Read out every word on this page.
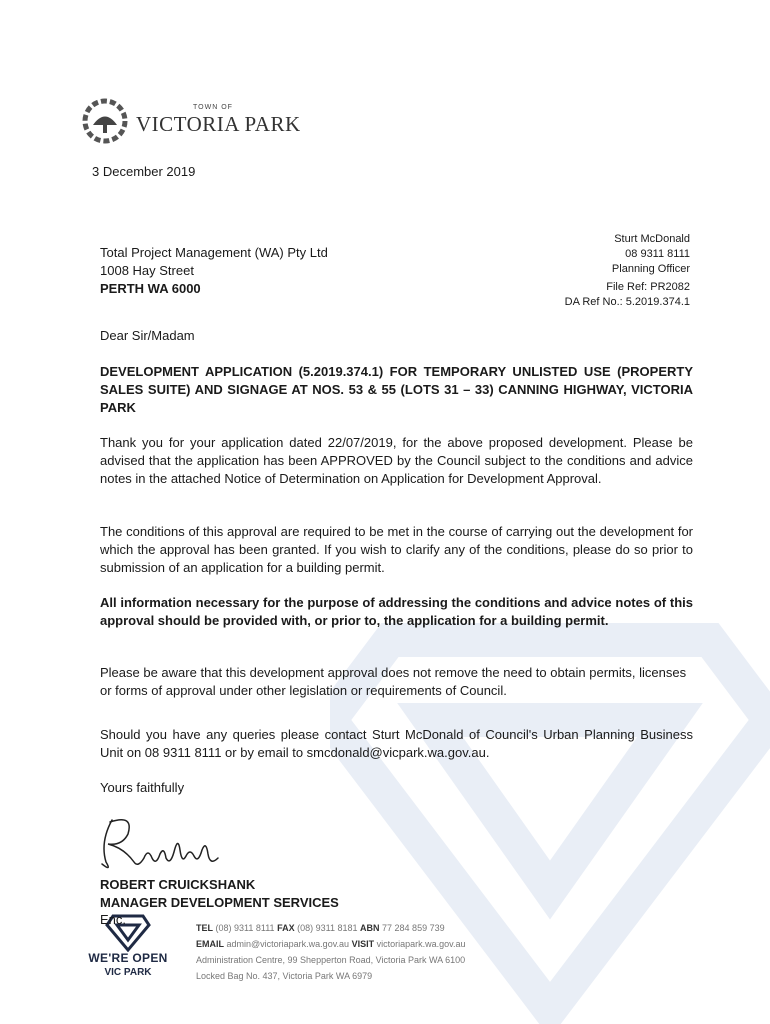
TOWN OF
VICTORIA PARK
3 December 2019
Total Project Management (WA) Pty Ltd
1008 Hay Street
PERTH WA 6000
Sturt McDonald
08 9311 8111
Planning Officer
File Ref: PR2082
DA Ref No.: 5.2019.374.1
Dear Sir/Madam
DEVELOPMENT APPLICATION (5.2019.374.1) FOR TEMPORARY UNLISTED USE (PROPERTY SALES SUITE) AND SIGNAGE AT NOS. 53 & 55 (LOTS 31 – 33) CANNING HIGHWAY, VICTORIA PARK
Thank you for your application dated 22/07/2019, for the above proposed development. Please be advised that the application has been APPROVED by the Council subject to the conditions and advice notes in the attached Notice of Determination on Application for Development Approval.
The conditions of this approval are required to be met in the course of carrying out the development for which the approval has been granted. If you wish to clarify any of the conditions, please do so prior to submission of an application for a building permit.
All information necessary for the purpose of addressing the conditions and advice notes of this approval should be provided with, or prior to, the application for a building permit.
Please be aware that this development approval does not remove the need to obtain permits, licenses or forms of approval under other legislation or requirements of Council.
Should you have any queries please contact Sturt McDonald of Council's Urban Planning Business Unit on 08 9311 8111 or by email to smcdonald@vicpark.wa.gov.au.
Yours faithfully
ROBERT CRUICKSHANK
MANAGER DEVELOPMENT SERVICES
WE'RE OPEN
VIC PARK
Enc.
TEL (08) 9311 8111 FAX (08) 9311 8181 ABN 77 284 859 739
EMAIL admin@victoriapark.wa.gov.au VISIT victoriapark.wa.gov.au
Administration Centre, 99 Shepperton Road, Victoria Park WA 6100
Locked Bag No. 437, Victoria Park WA 6979
